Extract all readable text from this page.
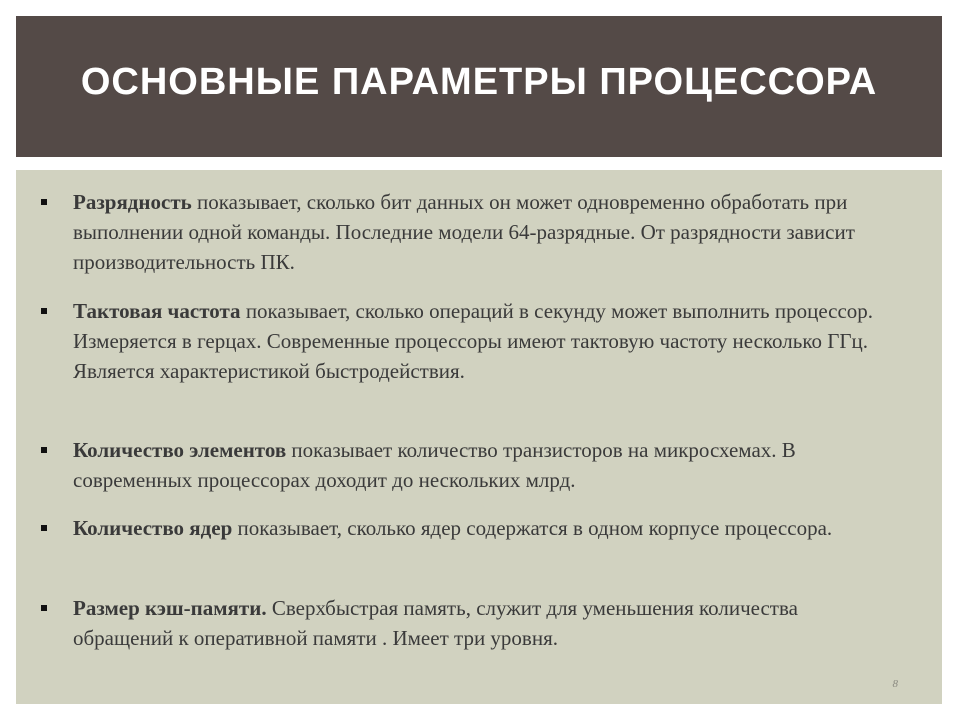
ОСНОВНЫЕ ПАРАМЕТРЫ ПРОЦЕССОРА
Разрядность показывает, сколько бит данных он может одновременно обработать при выполнении одной команды. Последние модели 64-разрядные. От разрядности зависит производительность ПК.
Тактовая частота показывает, сколько операций в секунду может выполнить процессор. Измеряется в герцах. Современные процессоры имеют тактовую частоту несколько ГГц. Является характеристикой быстродействия.
Количество элементов показывает количество транзисторов на микросхемах. В современных процессорах доходит до нескольких млрд.
Количество ядер показывает, сколько ядер содержатся в одном корпусе процессора.
Размер кэш-памяти. Сверхбыстрая память, служит для уменьшения количества обращений к оперативной памяти . Имеет три уровня.
8
